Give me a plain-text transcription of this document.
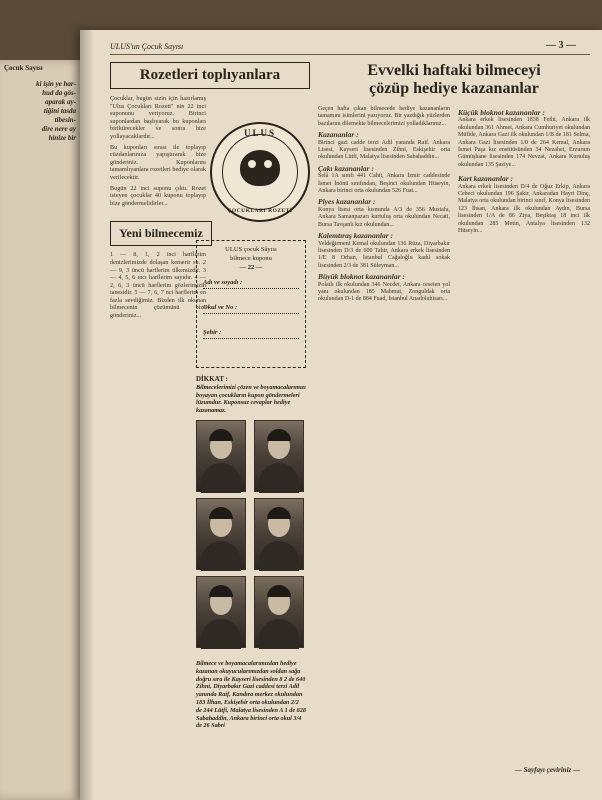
Çocuk Sayısı
ki işin ye har-
hud da gös-
aparak ay-
tiğini tasda
tibesin-
dire nere ay
hinize bir
ULUS'un Çocuk Sayısı	— 3 —
Rozetleri toplıyanlara
Çocuklar, bugün sizin için hazırlamış "Ulus Çocukları Rozeti" nin 22 inci suponunu veriyoruz. Birinci suponlardan başlıyarak bu kuponları biriktirecekler ve sonra bize yollayacaklardır...
Bu kuponları sırası ile toplayıp cüzdanlarınıza yapıştırarak bize gönderiniz. Kuponlarını tamamlıyanlara rozetleri hediye olarak verilecektir.
Bugün 22 inci suponu çıktı. Rozet isteyen çocuklar 40 kuponu toplayıp bize göndermelidirler...
Yeni bilmecemiz
1 — 8, 1, 2 inci harflerim denizlerimizde dolaşan kemerir su. 2 — 9, 3 üncü harflerim ülkemizdir. 3 — 4, 5, 6 ıncı harflerim sayıdır. 4 — 2, 6, 3 üncü harflerim gözlerimizin tanesidir. 5 — 7, 6, 7 nci harflerim en fazla sevdiğimiz. Bizden ilk okunan bilmecenin çözümünü bize gönderiniz...
ULUS
ÇOCUKLARI ROZETİ
ULUS çocuk Sâyısı
bilmece kuponu
— 22 —
Adı ve soyadı :
Okul ve No :
Şehir :
DİKKAT :
Bilmecelerimizi çözen ve boyamacalarımızı boyayan çocukların kupon göndermeleri lüzumdur. Kuponsuz cevaplar hediye kazanamaz.
Bilmece ve boyamacalarımızdan hediye kazanan okuyucularımızdan soldan sağa doğru sıra ile Kayseri lisesinden 8 2 de 640 Zihni, Diyarbakır Gazi caddesi terzi Adil yanında Raif, Kandıra merkez okulundan 183 İlhan, Eskişehir orta okulundan 2/2 de 244 Lütfi, Malatya lisesinden A 1 de 828 Sabahaddin, Ankara birinci orta okul 3/4 de 26 Sabri
Evvelki haftaki bilmeceyi
çözüp hediye kazananlar
Geçen hafta çıkan bilmecede hediye kazananların tamamını isimlerini yazıyoruz. Bir yazdığık yüzlerden bazılarını dilemekte bilmecelerimizi yolladıklarınız...
Kazananlar :
Birinci gazi cadde terzi Adil yanında Raif. Ankara Lisesi, Kayseri lisesinden Zihni, Eskişehir orta okulundan Lütfi, Malatya lisesinden Sabahaddin...
Çakı kazananlar :
Selâ 1A sınıfı 441 Cahit, Ankara İzmir caddesinde İsmet İnönü sınıfından, Beşinci okulundan Hüseyin, Ankara birinci orta okulundan 526 Fuat...
Piyes kazananlar :
Konya lisesi orta kısmında A/3 de 356 Mustafa, Ankara Samanpazarı kurtuluş orta okulundan Necati, Bursa Tavşanlı kız okulundan...
Kalemtıraş kazananlar :
Yeldeğirmeni Kemal okulundan 136 Rüza, Diyarbakır lisesinden D/3 de 600 Tahir, Ankara erkek lisesinden 1/E 8 Orhan, İstanbul Cağaloğlu kadıl sokak lisesinden 2/3 de 381 Süleyman...
Büyük bloknot kazananlar :
Polatlı ilk okulundan 346 Necdet, Ankara ceseten yol yanı okulundan 185 Mahmut, Zonguldak orta okulundan D-1 de 884 Fuad, İstanbul Anadoluhisarı...
Küçük bloknot kazananlar :
Ankara erkek lisesinden 1838 Fethi, Ankara ilk okulundan 361 Ahmet, Ankara Cumhuriyet okulundan Müfide, Ankara Gazi ilk okulundan 1/B de 181 Selma, Ankara Gazi lisesinden 1/0 de 264 Kemal, Ankara İsmet Paşa kız enstitüsünden 34 Nezahet, Erzurum Gümüşhane lisesinden 174 Nevzat, Ankara Kurtuluş okulundan 135 Şaziye...
Kart kazananlar :
Ankara erkek lisesinden D/4 de Oğuz Erkip, Ankara Cebeci okulundan 196 Şakir, Ankaradan Hayri Dinç, Malatya orta okulundan birinci sınıf, Konya lisesinden 123 İhsan, Ankara ilk okulundan Aydın, Bursa lisesinden 1/A de 86 Ziya, Beşiktaş 18 inci ilk okulundan 285 Metin, Antalya lisesinden 132 Hüseyin...
— Sayfayı çeviriniz —
